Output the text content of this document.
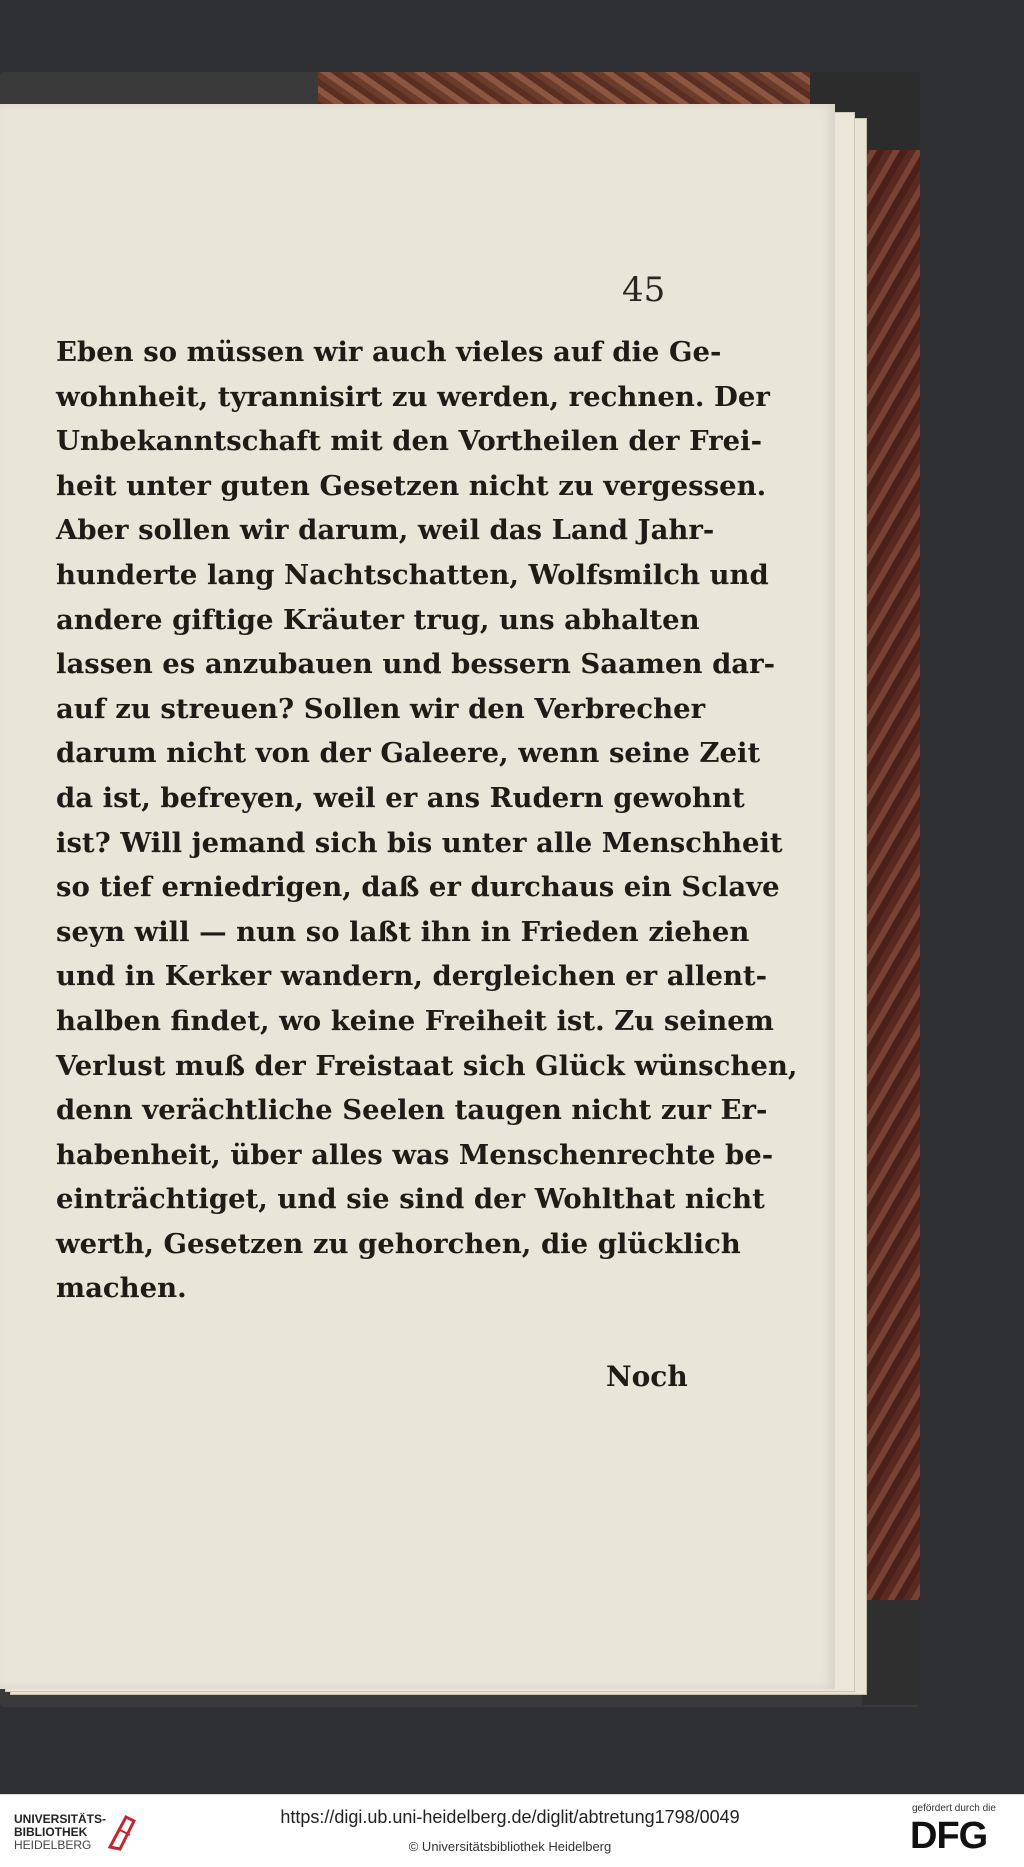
45
Eben so müssen wir auch vieles auf die Ge-
wohnheit, tyrannisirt zu werden, rechnen. Der
Unbekanntschaft mit den Vortheilen der Frei-
heit unter guten Gesetzen nicht zu vergessen.
Aber sollen wir darum, weil das Land Jahr-
hunderte lang Nachtschatten, Wolfsmilch und
andere giftige Kräuter trug, uns abhalten
lassen es anzubauen und bessern Saamen dar-
auf zu streuen? Sollen wir den Verbrecher
darum nicht von der Galeere, wenn seine Zeit
da ist, befreyen, weil er ans Rudern gewohnt
ist? Will jemand sich bis unter alle Menschheit
so tief erniedrigen, daß er durchaus ein Sclave
seyn will — nun so laßt ihn in Frieden ziehen
und in Kerker wandern, dergleichen er allent-
halben findet, wo keine Freiheit ist. Zu seinem
Verlust muß der Freistaat sich Glück wünschen,
denn verächtliche Seelen taugen nicht zur Er-
habenheit, über alles was Menschenrechte be-
einträchtiget, und sie sind der Wohlthat nicht
werth, Gesetzen zu gehorchen, die glücklich
machen.
Noch
UNIVERSITÄTS-
BIBLIOTHEK
HEIDELBERG
https://digi.ub.uni-heidelberg.de/diglit/abtretung1798/0049
© Universitätsbibliothek Heidelberg
gefördert durch die
DFG
